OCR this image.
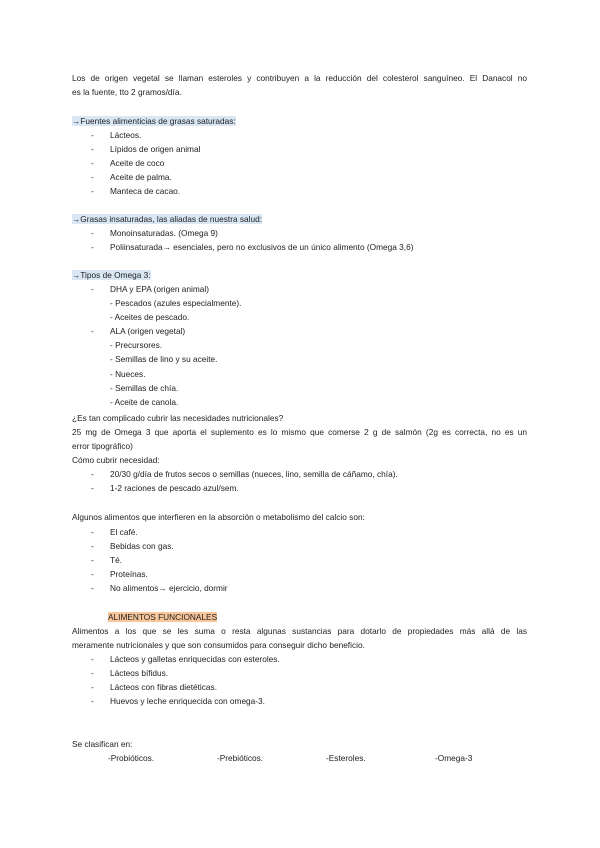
Los de origen vegetal se llaman esteroles y contribuyen a la reducción del colesterol sanguíneo. El Danacol no
es la fuente, tto 2 gramos/día.
→Fuentes alimenticias de grasas saturadas:
- Lácteos.
- Lípidos de origen animal
- Aceite de coco
- Aceite de palma.
- Manteca de cacao.
→Grasas insaturadas, las aliadas de nuestra salud:
- Monoinsaturadas. (Omega 9)
- Poliinsaturada→ esenciales, pero no exclusivos de un único alimento (Omega 3,6)
→Tipos de Omega 3:
- DHA y EPA (origen animal)
- Pescados (azules especialmente).
- Aceites de pescado.
- ALA (origen vegetal)
- Precursores.
- Semillas de lino y su aceite.
- Nueces.
- Semillas de chía.
- Aceite de canola.
¿Es tan complicado cubrir las necesidades nutricionales?
25 mg de Omega 3 que aporta el suplemento es lo mismo que comerse 2 g de salmón (2g es correcta, no es un
error tipográfico)
Cómo cubrir necesidad:
- 20/30 g/día de frutos secos o semillas (nueces, lino, semilla de cáñamo, chía).
- 1-2 raciones de pescado azul/sem.
Algunos alimentos que interfieren en la absorción o metabolismo del calcio son:
- El café.
- Bebidas con gas.
- Té.
- Proteínas.
- No alimentos→ ejercicio, dormir
ALIMENTOS FUNCIONALES
Alimentos a los que se les suma o resta algunas sustancias para dotarlo de propiedades más allá de las
meramente nutricionales y que son consumidos para conseguir dicho beneficio.
- Lácteos y galletas enriquecidas con esteroles.
- Lácteos bífidus.
- Lácteos con fibras dietéticas.
- Huevos y leche enriquecida con omega-3.
Se clasifican en:
-Probióticos.	-Prebióticos.	-Esteroles.	-Omega-3
